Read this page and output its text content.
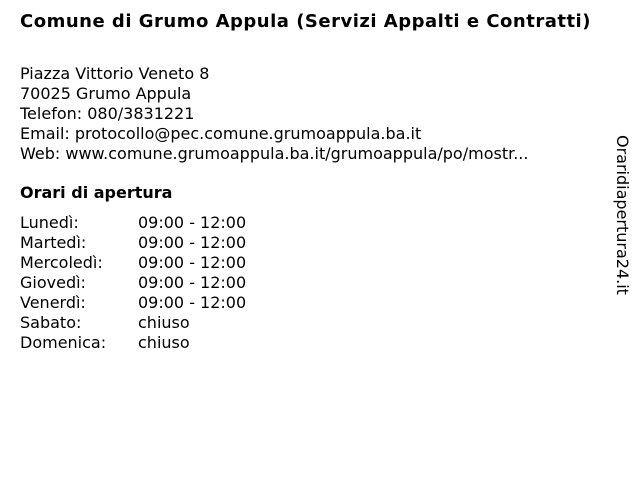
Comune di Grumo Appula (Servizi Appalti e Contratti)
Piazza Vittorio Veneto 8
70025 Grumo Appula
Telefon: 080/3831221
Email: protocollo@pec.comune.grumoappula.ba.it
Web: www.comune.grumoappula.ba.it/grumoappula/po/mostr...
Orari di apertura
Lunedì:	09:00 - 12:00
Martedì:	09:00 - 12:00
Mercoledì: 09:00 - 12:00
Giovedì:	09:00 - 12:00
Venerdì:	09:00 - 12:00
Sabato:	chiuso
Domenica: chiuso
Oraridiapertura24.it
